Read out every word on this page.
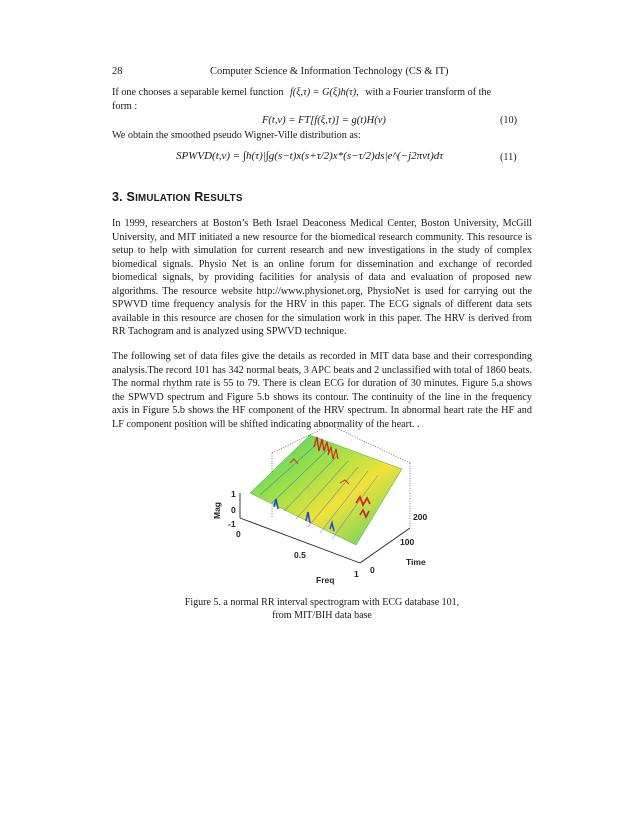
28	Computer Science & Information Technology (CS & IT)
If one chooses a separable kernel function f(ξ,τ) = G(ξ)h(τ), with a Fourier transform of the
form :
F(t,ν) = FT[f(ξ,τ)] = g(t)H(ν)	(10)
We obtain the smoothed pseudo Wigner-Ville distribution as:
SPWVD(t,v) = ∫h(τ)|∫g(s−t)x(s+τ/2)x*(s−τ/2)ds|e^(−j2πvt)dτ	(11)
3. SIMULATION RESULTS
In 1999, researchers at Boston’s Beth Israel Deaconess Medical Center, Boston University, McGill University, and MIT initiated a new resource for the biomedical research community. This resource is setup to help with simulation for current research and new investigations in the study of complex biomedical signals. Physio Net is an online forum for dissemination and exchange of recorded biomedical signals, by providing facilities for analysis of data and evaluation of proposed new algorithms. The resource website http://www.physionet.org, PhysioNet is used for carrying out the SPWVD time frequency analysis for the HRV in this paper. The ECG signals of different data sets available in this resource are chosen for the simulation work in this paper. The HRV is derived from RR Tachogram and is analyzed using SPWVD technique.
The following set of data files give the details as recorded in MIT data base and their corresponding analysis.The record 101 has 342 normal beats, 3 APC beats and 2 unclassified with total of 1860 beats. The normal rhythm rate is 55 to 79. There is clean ECG for duration of 30 minutes. Figure 5.a shows the SPWVD spectrum and Figure 5.b shows its contour. The continuity of the line in the frequency axis in Figure 5.b shows the HF component of the HRV spectrum. In abnormal heart rate the HF and LF component position will be shifted indicating abnormality of the heart. .
1
0
-1
Mag
0
0.5
1
Freq
200
100
0
Time
Figure 5. a normal RR interval spectrogram with ECG database 101,
from MIT/BIH data base
